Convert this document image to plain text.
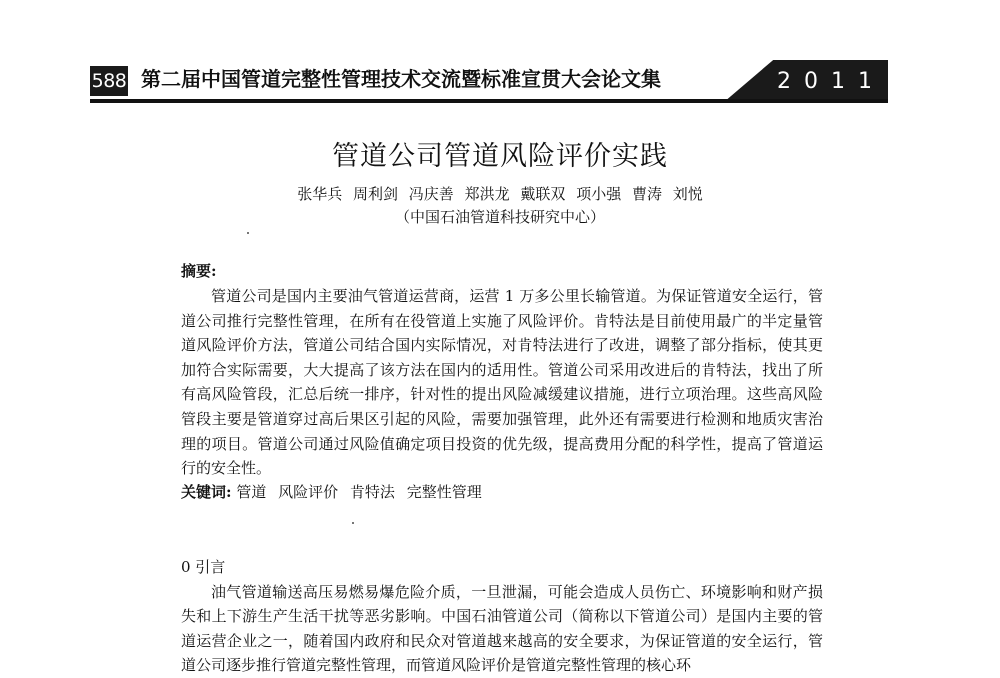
588 第二届中国管道完整性管理技术交流暨标准宣贯大会论文集	2011
管道公司管道风险评价实践
张华兵 周利剑 冯庆善 郑洪龙 戴联双 项小强 曹涛 刘悦
（中国石油管道科技研究中心）
摘要:

管道公司是国内主要油气管道运营商，运营 1 万多公里长输管道。为保证管道安全运行，管道公司推行完整性管理，在所有在役管道上实施了风险评价。肯特法是目前使用最广的半定量管道风险评价方法，管道公司结合国内实际情况，对肯特法进行了改进，调整了部分指标，使其更加符合实际需要，大大提高了该方法在国内的适用性。管道公司采用改进后的肯特法，找出了所有高风险管段，汇总后统一排序，针对性的提出风险减缓建议措施，进行立项治理。这些高风险管段主要是管道穿过高后果区引起的风险，需要加强管理，此外还有需要进行检测和地质灾害治理的项目。管道公司通过风险值确定项目投资的优先级，提高费用分配的科学性，提高了管道运行的安全性。

关键词: 管道 风险评价 肯特法 完整性管理
0 引言

油气管道输送高压易燃易爆危险介质，一旦泄漏，可能会造成人员伤亡、环境影响和财产损失和上下游生产生活干扰等恶劣影响。中国石油管道公司（简称以下管道公司）是国内主要的管道运营企业之一，随着国内政府和民众对管道越来越高的安全要求，为保证管道的安全运行，管道公司逐步推行管道完整性管理，而管道风险评价是管道完整性管理的核心环
